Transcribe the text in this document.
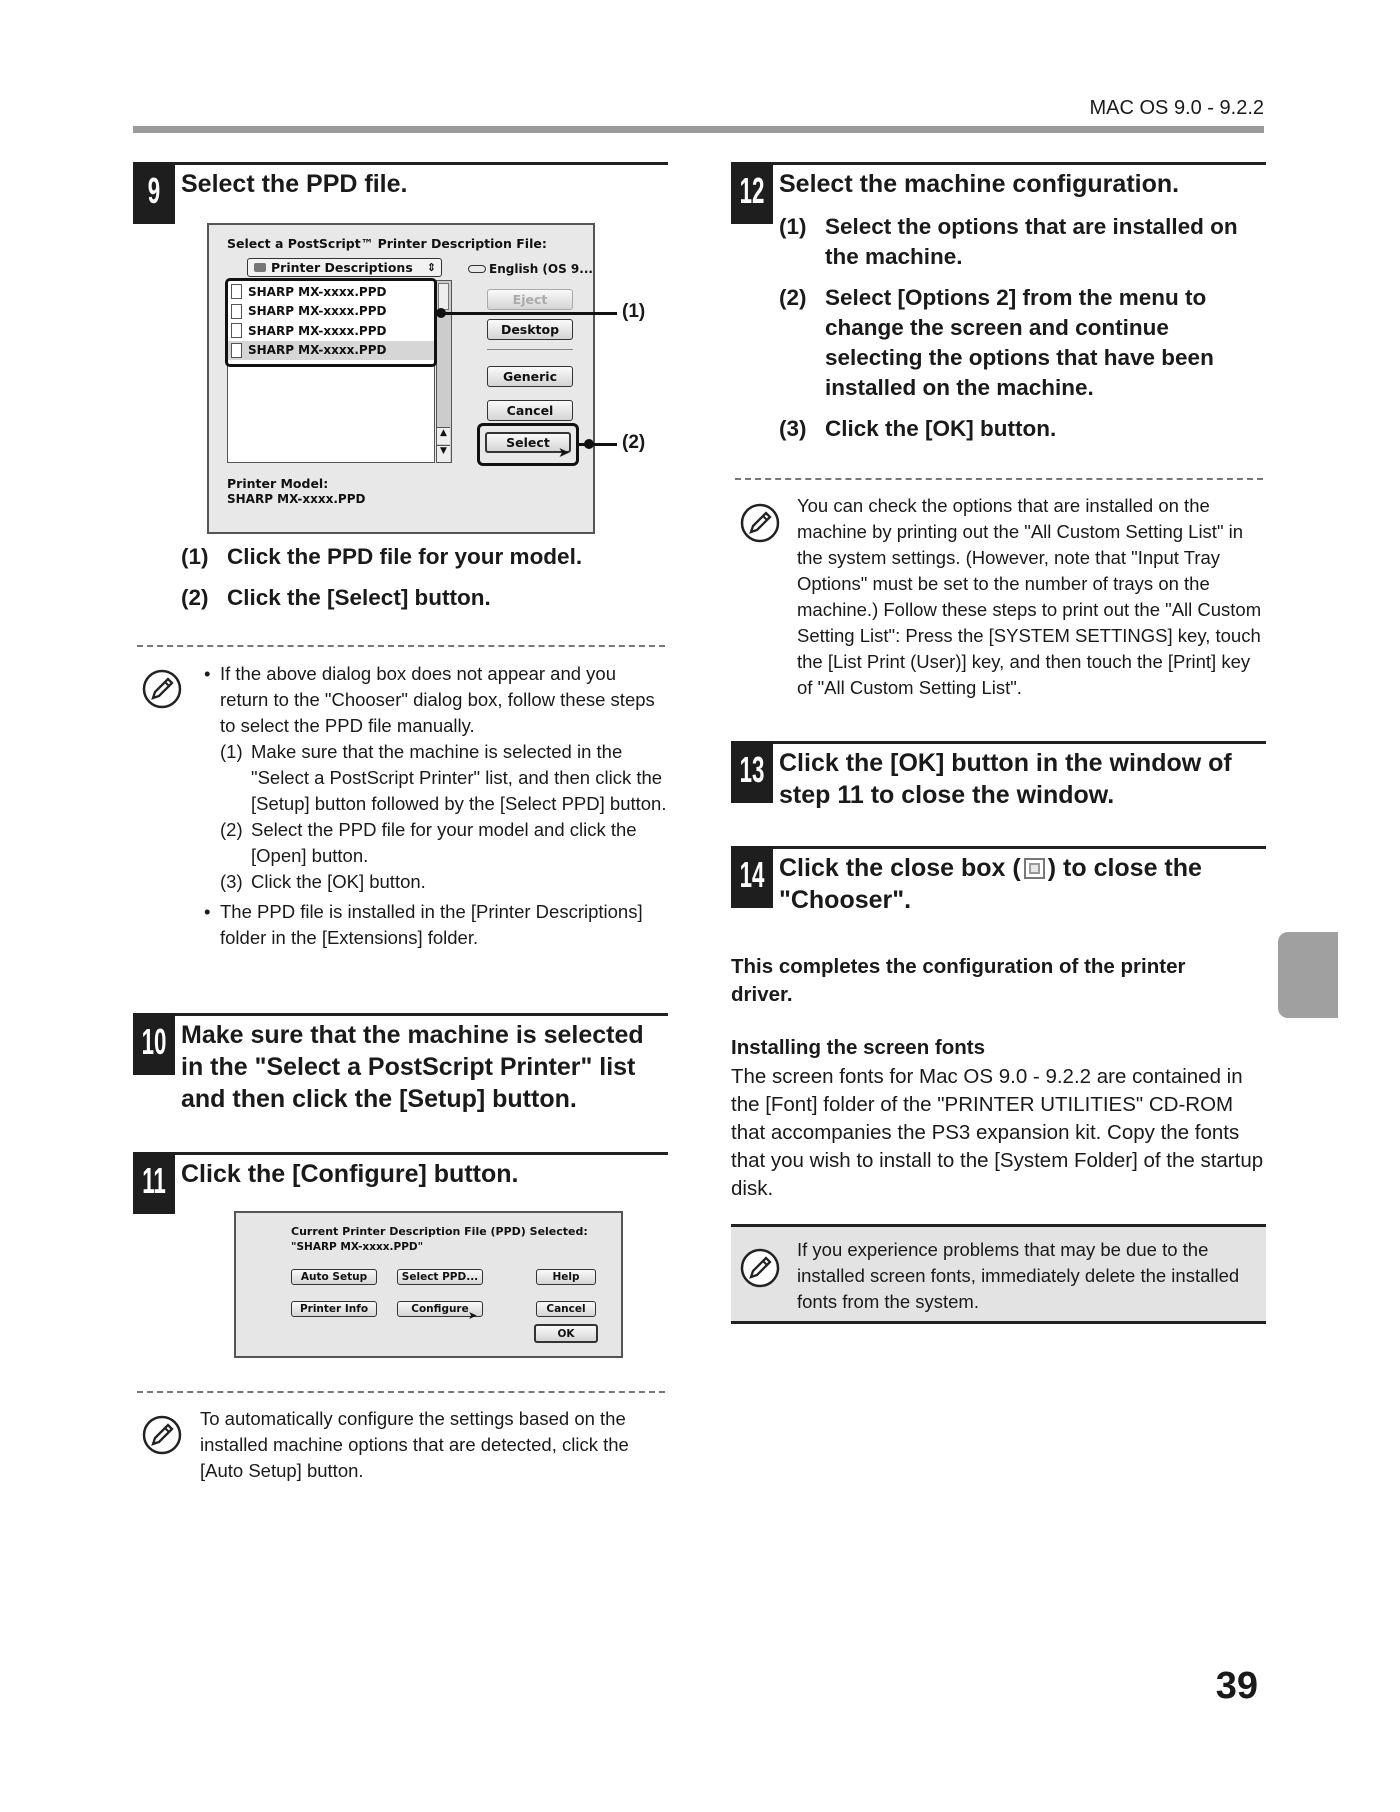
MAC OS 9.0 - 9.2.2
9 Select the PPD file.
Select a PostScript™ Printer Description File:
Printer Descriptions ⇕	English (OS 9...
SHARP MX-xxxx.PPD
SHARP MX-xxxx.PPD
SHARP MX-xxxx.PPD
SHARP MX-xxxx.PPD
▲
▼
Eject
Desktop
Generic
Cancel
Select
➤
Printer Model:
SHARP MX-xxxx.PPD
(1)
(2)
(1) Click the PPD file for your model.
(2) Click the [Select] button.
• If the above dialog box does not appear and you return to the "Chooser" dialog box, follow these steps to select the PPD file manually.
(1) Make sure that the machine is selected in the "Select a PostScript Printer" list, and then click the [Setup] button followed by the [Select PPD] button.
(2) Select the PPD file for your model and click the [Open] button.
(3) Click the [OK] button.
• The PPD file is installed in the [Printer Descriptions] folder in the [Extensions] folder.
10 Make sure that the machine is selected in the "Select a PostScript Printer" list and then click the [Setup] button.
11 Click the [Configure] button.
Current Printer Description File (PPD) Selected:
"SHARP MX-xxxx.PPD"
Auto Setup	Select PPD...	Help
Printer Info	Configure ➤	Cancel
OK
To automatically configure the settings based on the installed machine options that are detected, click the [Auto Setup] button.
12 Select the machine configuration.
(1) Select the options that are installed on the machine.
(2) Select [Options 2] from the menu to change the screen and continue selecting the options that have been installed on the machine.
(3) Click the [OK] button.
You can check the options that are installed on the machine by printing out the "All Custom Setting List" in the system settings. (However, note that "Input Tray Options" must be set to the number of trays on the machine.) Follow these steps to print out the "All Custom Setting List": Press the [SYSTEM SETTINGS] key, touch the [List Print (User)] key, and then touch the [Print] key of "All Custom Setting List".
13 Click the [OK] button in the window of step 11 to close the window.
14 Click the close box ( ) to close the "Chooser".
This completes the configuration of the printer driver.
Installing the screen fonts
The screen fonts for Mac OS 9.0 - 9.2.2 are contained in the [Font] folder of the "PRINTER UTILITIES" CD-ROM that accompanies the PS3 expansion kit. Copy the fonts that you wish to install to the [System Folder] of the startup disk.
If you experience problems that may be due to the installed screen fonts, immediately delete the installed fonts from the system.
39
